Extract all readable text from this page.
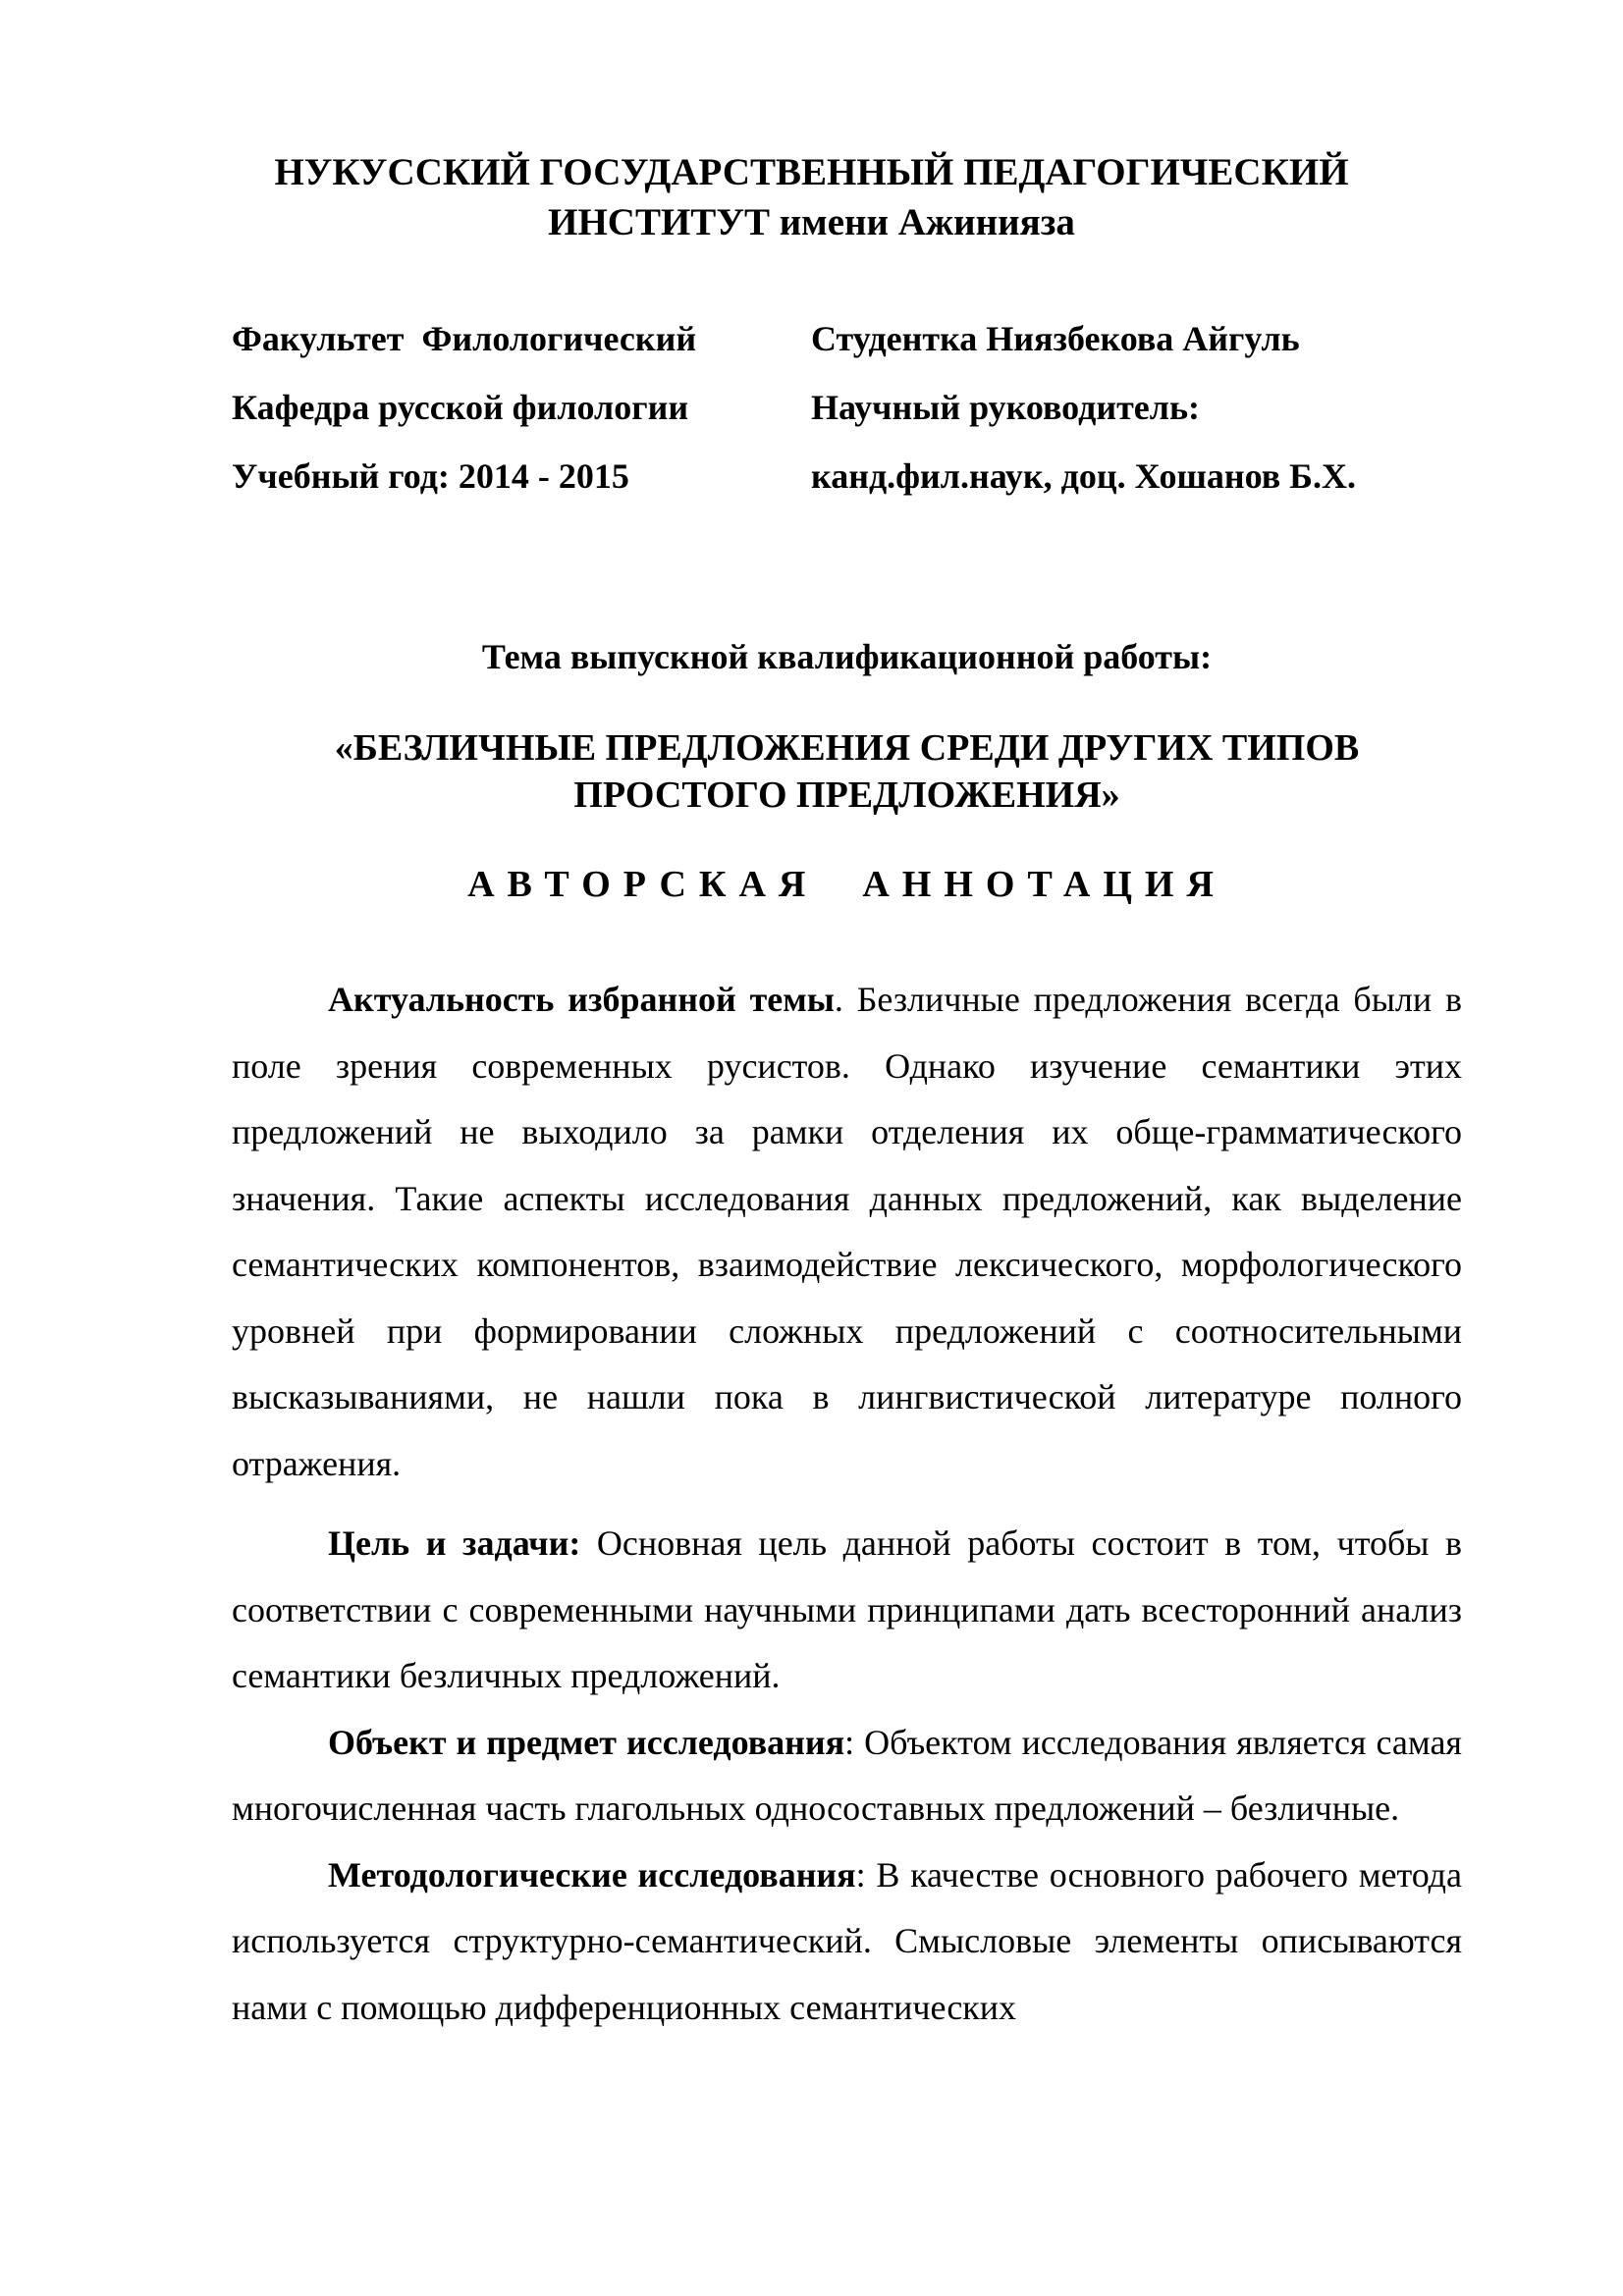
НУКУССКИЙ ГОСУДАРСТВЕННЫЙ ПЕДАГОГИЧЕСКИЙ
ИНСТИТУТ имени Ажинияза
Факультет  Филологический
Кафедра русской филологии
Учебный год: 2014 - 2015
Студентка Ниязбекова Айгуль
Научный руководитель:
канд.фил.наук, доц. Хошанов Б.Х.
Тема выпускной квалификационной работы:
«БЕЗЛИЧНЫЕ ПРЕДЛОЖЕНИЯ СРЕДИ ДРУГИХ ТИПОВ
ПРОСТОГО ПРЕДЛОЖЕНИЯ»
АВТОРСКАЯ  АННОТАЦИЯ

Актуальность избранной темы. Безличные предложения всегда были в поле зрения современных русистов. Однако изучение семантики этих предложений не выходило за рамки отделения их обще-грамматического значения. Такие аспекты исследования данных предложений, как выделение семантических компонентов, взаимодействие лексического, морфологического уровней при формировании сложных предложений с соотносительными высказываниями, не нашли пока в лингвистической литературе полного отражения.

Цель и задачи: Основная цель данной работы состоит в том, чтобы в соответствии с современными научными принципами дать всесторонний анализ семантики безличных предложений.

Объект и предмет исследования: Объектом исследования является самая многочисленная часть глагольных односоставных предложений – безличные.

Методологические исследования: В качестве основного рабочего метода используется структурно-семантический. Смысловые элементы описываются нами с помощью дифференционных семантических
